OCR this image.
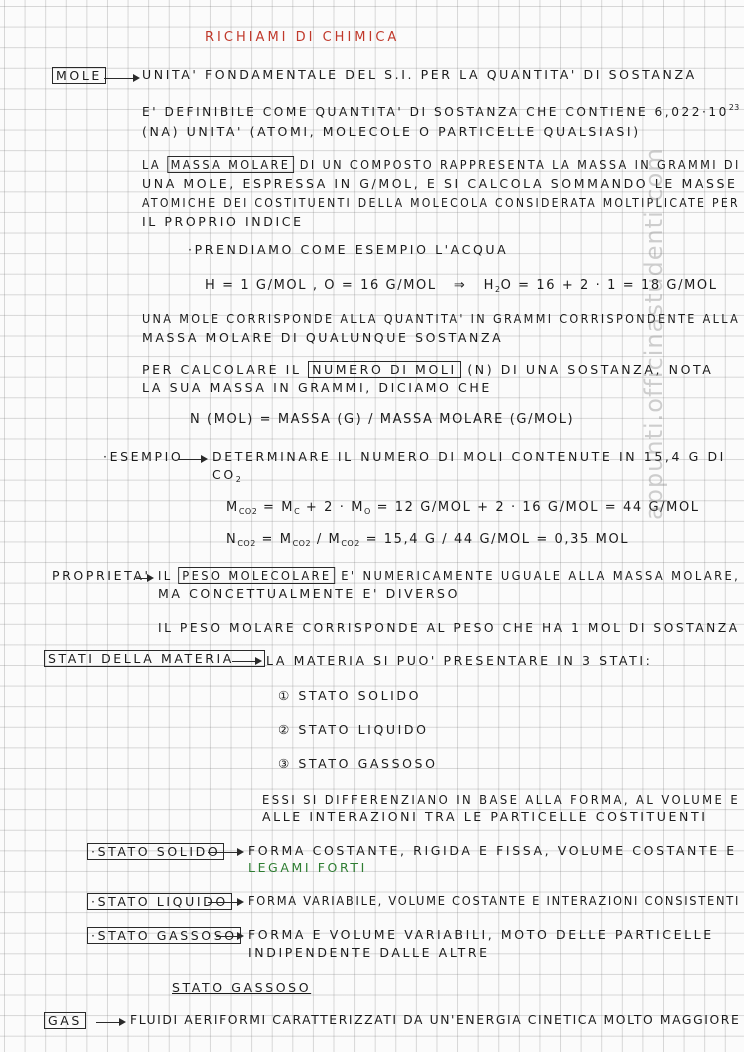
RICHIAMI DI CHIMICA
MOLE	UNITA' FONDAMENTALE DEL S.I. PER LA QUANTITA' DI SOSTANZA
E' DEFINIBILE COME QUANTITA' DI SOSTANZA CHE CONTIENE $6,022\cdot 10^{23}$
(NA) UNITA' (ATOMI, MOLECOLE O PARTICELLE QUALSIASI)
LA MASSA MOLARE DI UN COMPOSTO RAPPRESENTA LA MASSA IN GRAMMI DI
UNA MOLE, ESPRESSA IN G/MOL, E SI CALCOLA SOMMANDO LE MASSE
ATOMICHE DEI COSTITUENTI DELLA MOLECOLA CONSIDERATA MOLTIPLICATE PER
IL PROPRIO INDICE
·PRENDIAMO COME ESEMPIO L'ACQUA
H = 1 G/MOL , O = 16 G/MOL   ⇒   $H_2O = 16 + 2 \cdot 1 = 18$ G/MOL
UNA MOLE CORRISPONDE ALLA QUANTITA' IN GRAMMI CORRISPONDENTE ALLA
MASSA MOLARE DI QUALUNQUE SOSTANZA
PER CALCOLARE IL NUMERO DI MOLI (N) DI UNA SOSTANZA, NOTA
LA SUA MASSA IN GRAMMI, DICIAMO CHE
N (MOL) = MASSA (G) / MASSA MOLARE (G/MOL)
·ESEMPIO DETERMINARE IL NUMERO DI MOLI CONTENUTE IN 15,4 G DI
$CO_2$
$M_{CO2} = M_C + 2 \cdot M_O = 12$ G/MOL + 2 · 16 G/MOL = 44 G/MOL
$N_{CO2} = M_{CO2} / M_{CO2} = 15,4$ G / 44 G/MOL = 0,35 MOL
PROPRIETA' IL PESO MOLECOLARE E' NUMERICAMENTE UGUALE ALLA MASSA MOLARE,
MA CONCETTUALMENTE E' DIVERSO
IL PESO MOLARE CORRISPONDE AL PESO CHE HA 1 MOL DI SOSTANZA
STATI DELLA MATERIA	LA MATERIA SI PUO' PRESENTARE IN 3 STATI:
① STATO SOLIDO
② STATO LIQUIDO
③ STATO GASSOSO
ESSI SI DIFFERENZIANO IN BASE ALLA FORMA, AL VOLUME E
ALLE INTERAZIONI TRA LE PARTICELLE COSTITUENTI
·STATO SOLIDO	FORMA COSTANTE, RIGIDA E FISSA, VOLUME COSTANTE E
LEGAMI FORTI
·STATO LIQUIDO	FORMA VARIABILE, VOLUME COSTANTE E INTERAZIONI CONSISTENTI
·STATO GASSOSO FORMA E VOLUME VARIABILI, MOTO DELLE PARTICELLE
INDIPENDENTE DALLE ALTRE
STATO GASSOSO
GAS	FLUIDI AERIFORMI CARATTERIZZATI DA UN'ENERGIA CINETICA MOLTO MAGGIORE
appunti.officinastudenti.com
